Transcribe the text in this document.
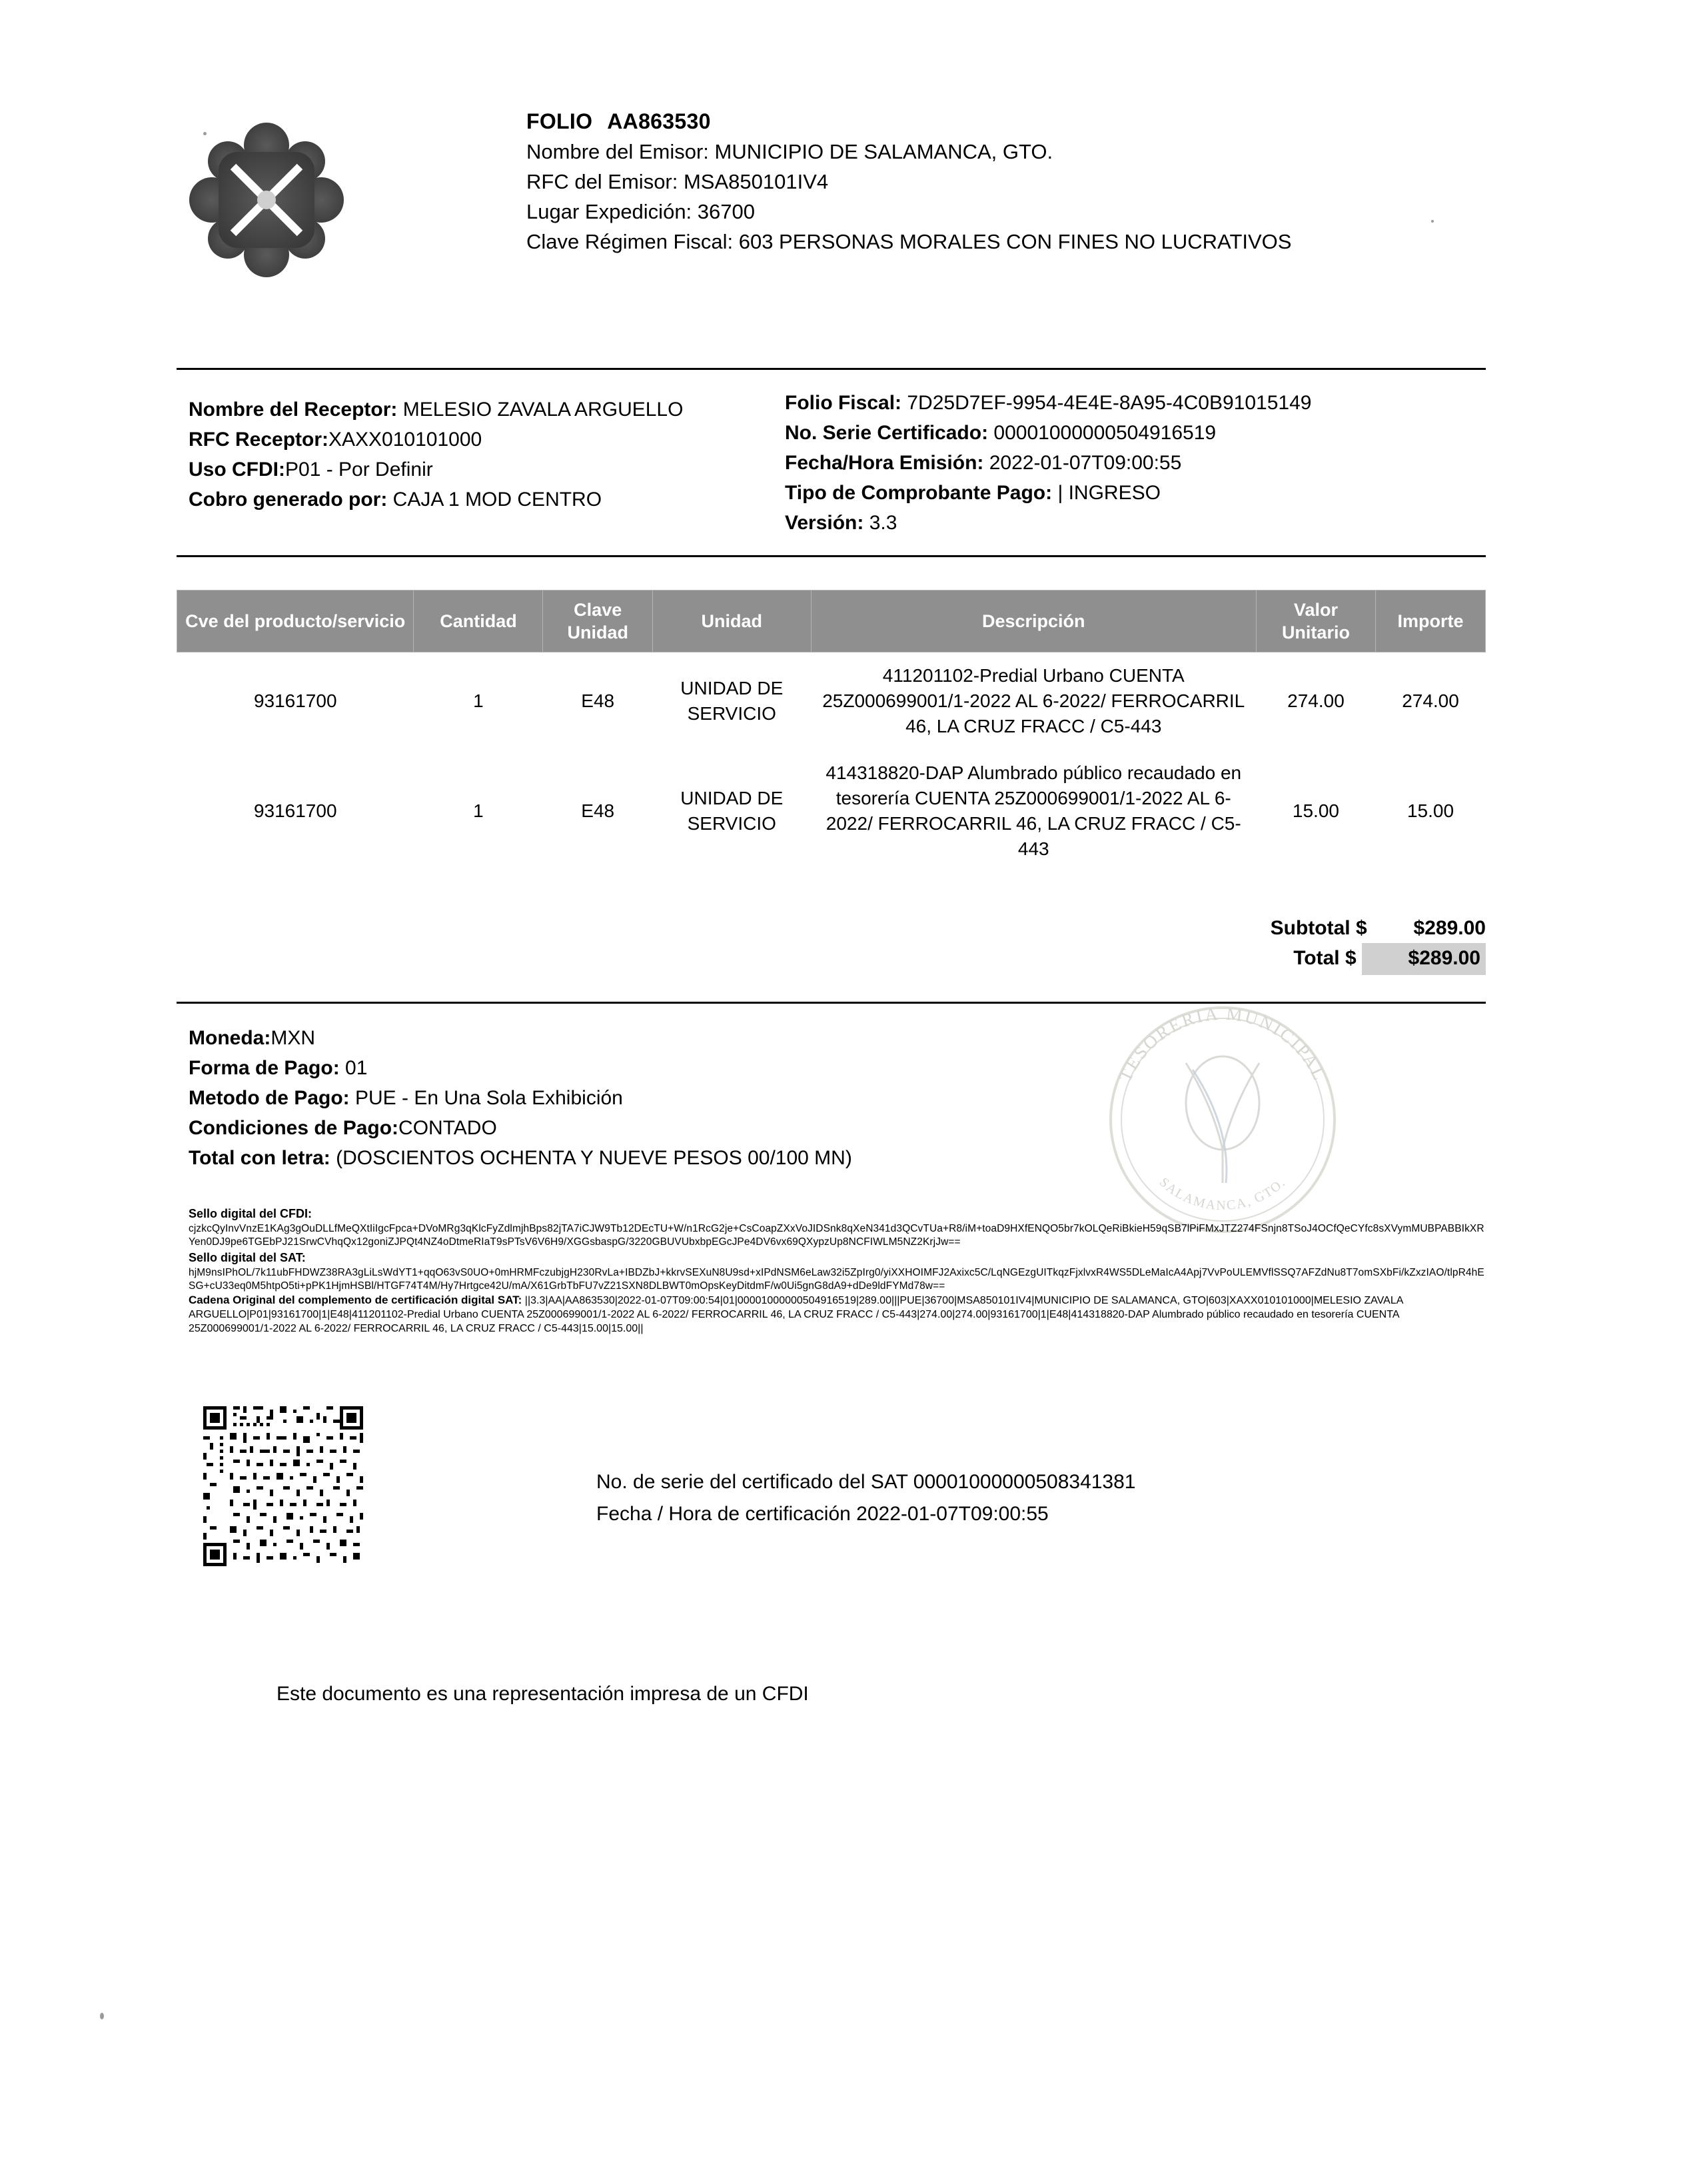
FOLIO AA863530
Nombre del Emisor: MUNICIPIO DE SALAMANCA, GTO.
RFC del Emisor: MSA850101IV4
Lugar Expedición: 36700
Clave Régimen Fiscal: 603 PERSONAS MORALES CON FINES NO LUCRATIVOS
Nombre del Receptor: MELESIO ZAVALA ARGUELLO
RFC Receptor:XAXX010101000
Uso CFDI:P01 - Por Definir
Cobro generado por: CAJA 1 MOD CENTRO
Folio Fiscal: 7D25D7EF-9954-4E4E-8A95-4C0B91015149
No. Serie Certificado: 00001000000504916519
Fecha/Hora Emisión: 2022-01-07T09:00:55
Tipo de Comprobante Pago: | INGRESO
Versión: 3.3
Cve del producto/servicio	Cantidad	Clave Unidad	Unidad	Descripción	Valor Unitario	Importe
93161700	1	E48	UNIDAD DE SERVICIO	411201102-Predial Urbano CUENTA 25Z000699001/1-2022 AL 6-2022/ FERROCARRIL 46, LA CRUZ FRACC / C5-443	274.00	274.00
93161700	1	E48	UNIDAD DE SERVICIO	414318820-DAP Alumbrado público recaudado en tesorería CUENTA 25Z000699001/1-2022 AL 6-2022/ FERROCARRIL 46, LA CRUZ FRACC / C5-443	15.00	15.00
Subtotal $ $289.00
Total $	$289.00
Moneda:MXN
Forma de Pago: 01
Metodo de Pago: PUE - En Una Sola Exhibición
Condiciones de Pago:CONTADO
Total con letra: (DOSCIENTOS OCHENTA Y NUEVE PESOS 00/100 MN)
TESORERIA MUNICIPAL
SALAMANCA, GTO.
Sello digital del CFDI:
cjzkcQyInvVnzE1KAg3gOuDLLfMeQXtIiIgcFpca+DVoMRg3qKlcFyZdlmjhBps82jTA7iCJW9Tb12DEcTU+W/n1RcG2je+CsCoapZXxVoJIDSnk8qXeN341d3QCvTUa+R8/iM+toaD9HXfENQO5br7kOLQeRiBkieH59qSB7lPiFMxJTZ274FSnjn8TSoJ4OCfQeCYfc8sXVymMUBPABBIkXRYen0DJ9pe6TGEbPJ21SrwCVhqQx12goniZJPQt4NZ4oDtmeRIaT9sPTsV6V6H9/XGGsbaspG/3220GBUVUbxbpEGcJPe4DV6vx69QXypzUp8NCFIWLM5NZ2KrjJw==
Sello digital del SAT:
hjM9nsIPhOL/7k11ubFHDWZ38RA3gLiLsWdYT1+qqO63vS0UO+0mHRMFczubjgH230RvLa+IBDZbJ+kkrvSEXuN8U9sd+xIPdNSM6eLaw32i5ZpIrg0/yiXXHOIMFJ2Axixc5C/LqNGEzgUITkqzFjxlvxR4WS5DLeMaIcA4Apj7VvPoULEMVflSSQ7AFZdNu8T7omSXbFi/kZxzIAO/tlpR4hESG+cU33eq0M5htpO5ti+pPK1HjmHSBl/HTGF74T4M/Hy7Hrtgce42U/mA/X61GrbTbFU7vZ21SXN8DLBWT0mOpsKeyDitdmF/w0Ui5gnG8dA9+dDe9ldFYMd78w==
Cadena Original del complemento de certificación digital SAT: ||3.3|AA|AA863530|2022-01-07T09:00:54|01|00001000000504916519|289.00|||PUE|36700|MSA850101IV4|MUNICIPIO DE SALAMANCA, GTO|603|XAXX010101000|MELESIO ZAVALA ARGUELLO|P01|93161700|1|E48|411201102-Predial Urbano CUENTA 25Z000699001/1-2022 AL 6-2022/ FERROCARRIL 46, LA CRUZ FRACC / C5-443|274.00|274.00|93161700|1|E48|414318820-DAP Alumbrado público recaudado en tesorería CUENTA 25Z000699001/1-2022 AL 6-2022/ FERROCARRIL 46, LA CRUZ FRACC / C5-443|15.00|15.00||
No. de serie del certificado del SAT 00001000000508341381
Fecha / Hora de certificación 2022-01-07T09:00:55
Este documento es una representación impresa de un CFDI
